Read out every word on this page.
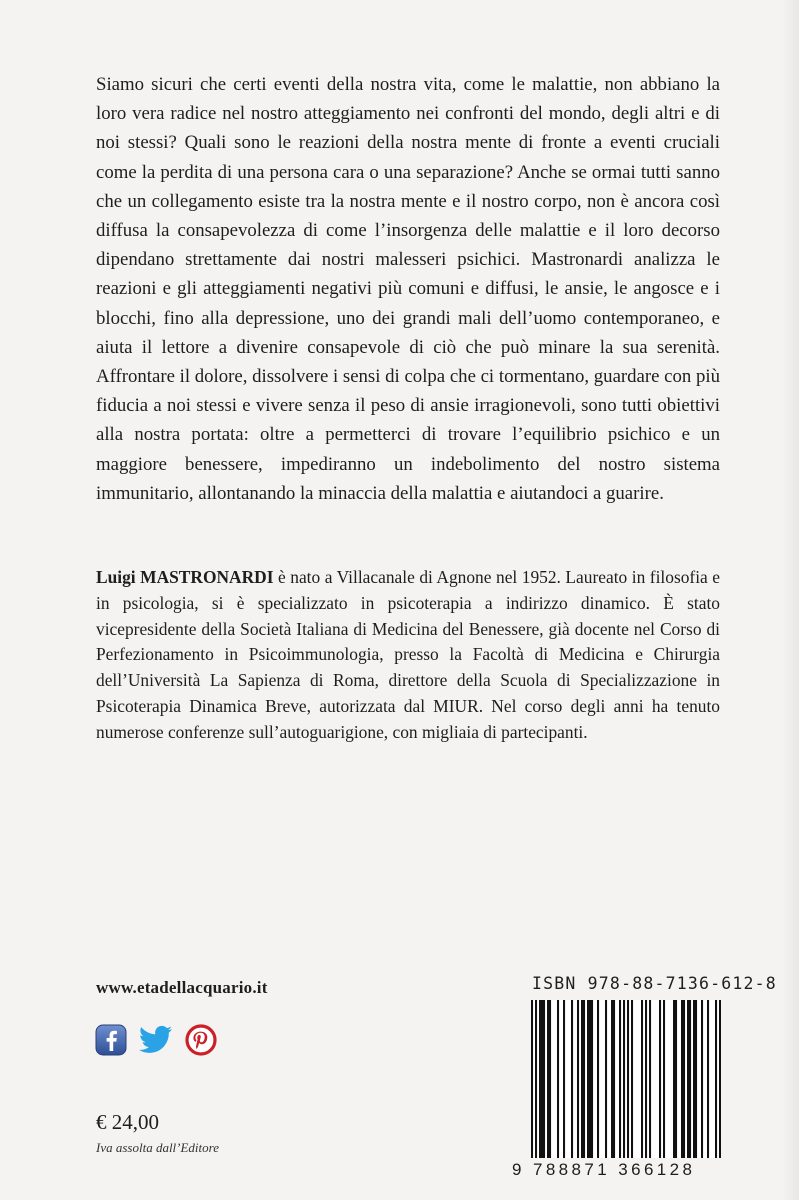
Siamo sicuri che certi eventi della nostra vita, come le malattie, non abbiano la loro vera radice nel nostro atteggiamento nei confronti del mondo, degli altri e di noi stessi? Quali sono le reazioni della nostra mente di fronte a eventi cruciali come la perdita di una persona cara o una separazione? Anche se ormai tutti sanno che un collegamento esiste tra la nostra mente e il nostro corpo, non è ancora così diffusa la consapevolezza di come l’insorgenza delle malattie e il loro decorso dipendano strettamente dai nostri malesseri psichici. Mastronardi analizza le reazioni e gli atteggiamenti negativi più comuni e diffusi, le ansie, le angosce e i blocchi, fino alla depressione, uno dei grandi mali dell’uomo contemporaneo, e aiuta il lettore a divenire consapevole di ciò che può minare la sua serenità. Affrontare il dolore, dissolvere i sensi di colpa che ci tormentano, guardare con più fiducia a noi stessi e vivere senza il peso di ansie irragionevoli, sono tutti obiettivi alla nostra portata: oltre a permetterci di trovare l’equilibrio psichico e un maggiore benessere, impediranno un indebolimento del nostro sistema immunitario, allontanando la minaccia della malattia e aiutandoci a guarire.

Luigi MASTRONARDI è nato a Villacanale di Agnone nel 1952. Laureato in filosofia e in psicologia, si è specializzato in psicoterapia a indirizzo dinamico. È stato vicepresidente della Società Italiana di Medicina del Benessere, già docente nel Corso di Perfezionamento in Psicoimmunologia, presso la Facoltà di Medicina e Chirurgia dell’Università La Sapienza di Roma, direttore della Scuola di Specializzazione in Psicoterapia Dinamica Breve, autorizzata dal MIUR. Nel corso degli anni ha tenuto numerose conferenze sull’autoguarigione, con migliaia di partecipanti.

www.etadellacquario.it
€ 24,00
Iva assolta dall’Editore
ISBN 978-88-7136-612-8
9 788871 366128
